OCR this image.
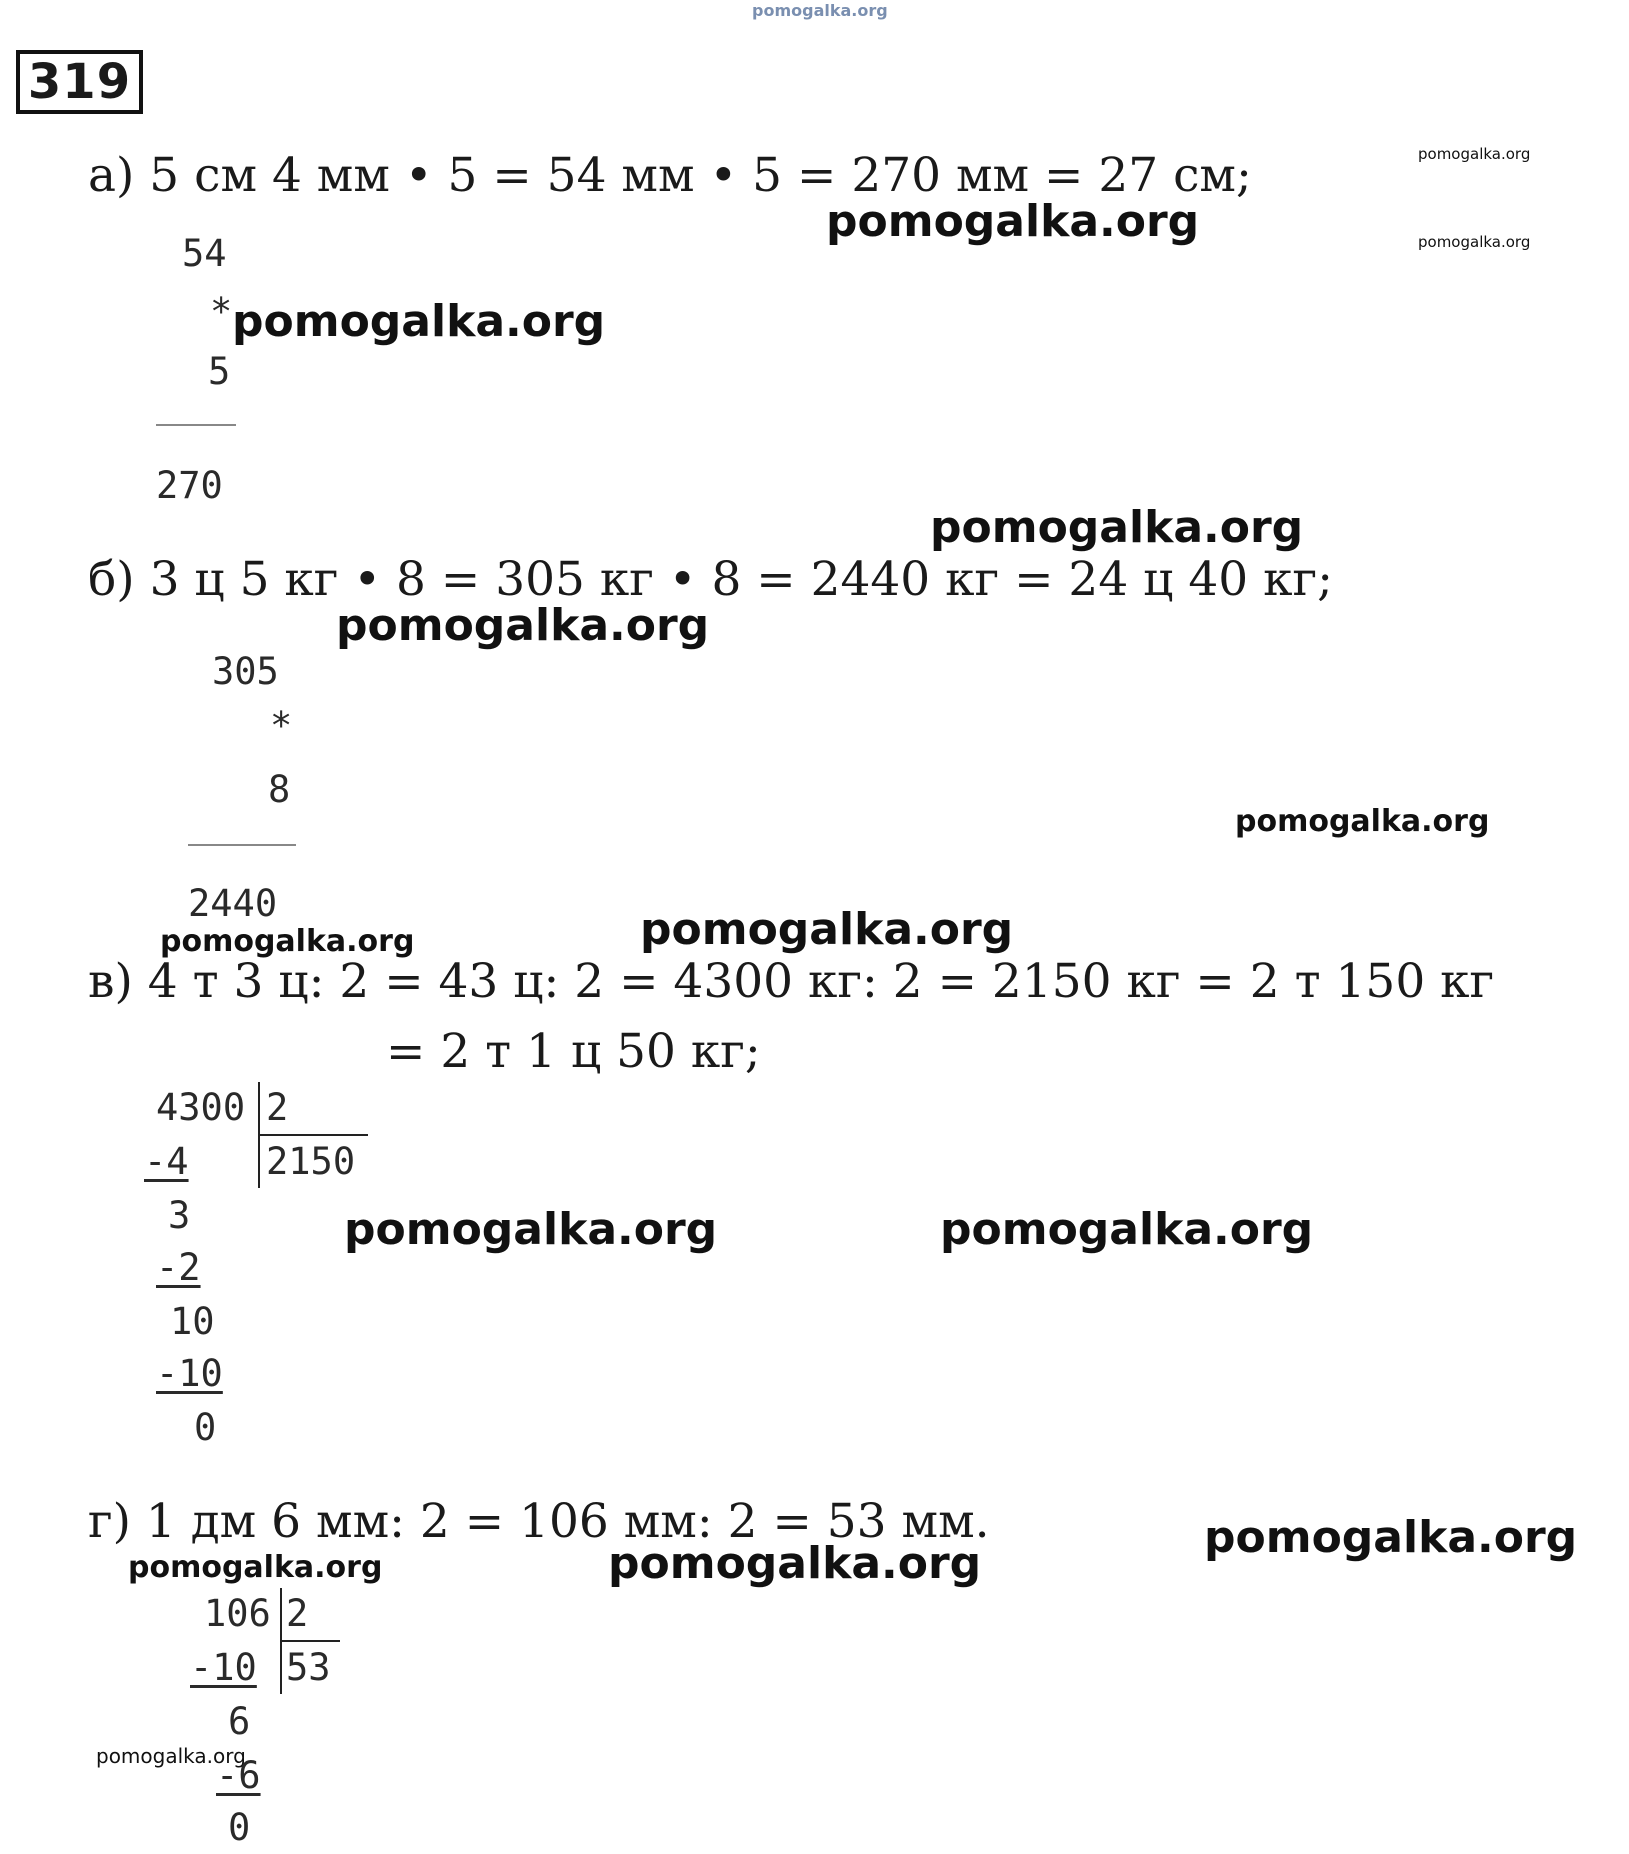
pomogalka.org
319
pomogalka.org
pomogalka.org
а) 5 см 4 мм • 5 = 54 мм • 5 = 270 мм = 27 см;
pomogalka.org
54
* pomogalka.org
5
270
pomogalka.org
б) 3 ц 5 кг • 8 = 305 кг • 8 = 2440 кг = 24 ц 40 кг;
pomogalka.org
305
*
8
pomogalka.org
2440
pomogalka.org	pomogalka.org
в) 4 т 3 ц: 2 = 43 ц: 2 = 4300 кг: 2 = 2150 кг = 2 т 150 кг
= 2 т 1 ц 50 кг;
4300 2
2150
-4
3
-2
10
-10
0
pomogalka.org	pomogalka.org
г) 1 дм 6 мм: 2 = 106 мм: 2 = 53 мм.	pomogalka.org
pomogalka.org	pomogalka.org
106 2
53
-10
6
pomogalka.org
-6
0
